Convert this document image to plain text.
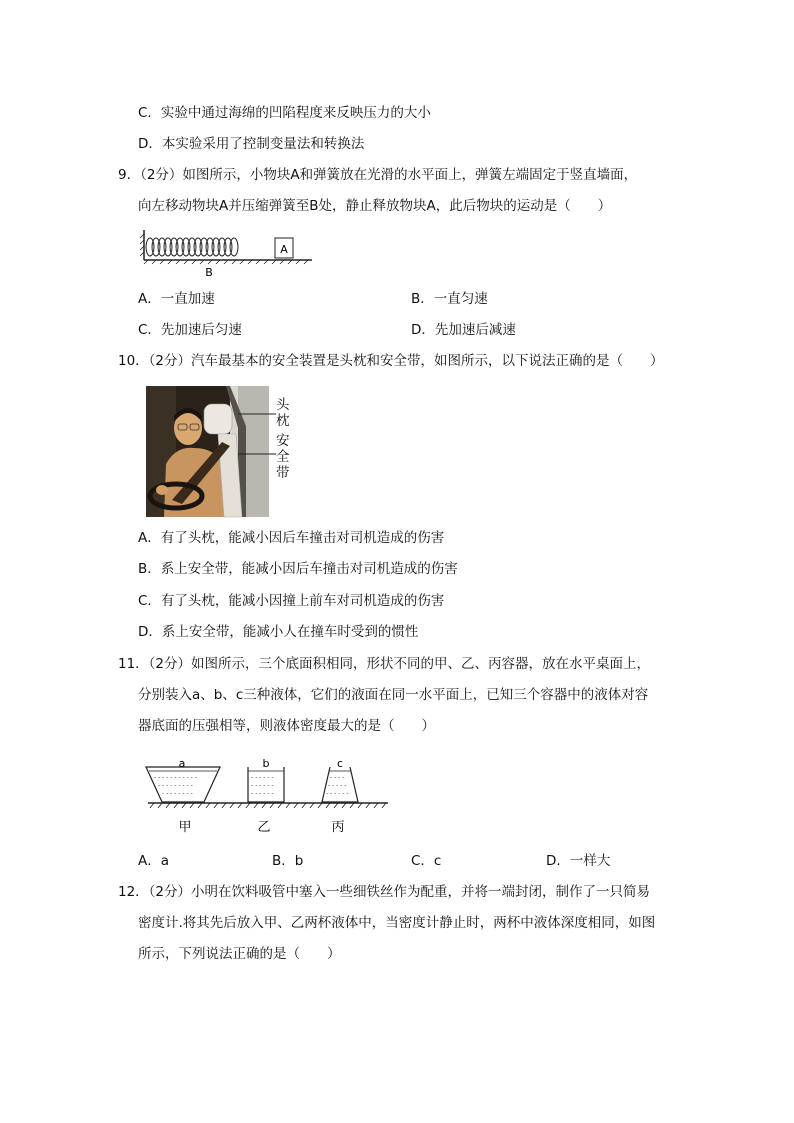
C．实验中通过海绵的凹陷程度来反映压力的大小
D．本实验采用了控制变量法和转换法
9．（2分）如图所示，小物块A和弹簧放在光滑的水平面上，弹簧左端固定于竖直墙面，
向左移动物块A并压缩弹簧至B处，静止释放物块A，此后物块的运动是（　　）
A
B
A．一直加速	B．一直匀速
C．先加速后匀速	D．先加速后减速
10．（2分）汽车最基本的安全装置是头枕和安全带，如图所示，以下说法正确的是（　　）
头
枕
安
全
带
A．有了头枕，能减小因后车撞击对司机造成的伤害
B．系上安全带，能减小因后车撞击对司机造成的伤害
C．有了头枕，能减小因撞上前车对司机造成的伤害
D．系上安全带，能减小人在撞车时受到的惯性
11．（2分）如图所示，三个底面积相同，形状不同的甲、乙、丙容器，放在水平桌面上，
分别装入a、b、c三种液体，它们的液面在同一水平面上，已知三个容器中的液体对容
器底面的压强相等，则液体密度最大的是（　　）
- - - - - - - - - - -
- - - - - - - - -
- - - - - - - -
a
- - - - - -
- - - - - -
- - - - - -
b
- - - -
- - - - -
- - - - - -
c
甲	乙	丙
A．a	B．b	C．c	D．一样大
12．（2分）小明在饮料吸管中塞入一些细铁丝作为配重，并将一端封闭，制作了一只简易
密度计.将其先后放入甲、乙两杯液体中，当密度计静止时，两杯中液体深度相同，如图
所示，下列说法正确的是（　　）
